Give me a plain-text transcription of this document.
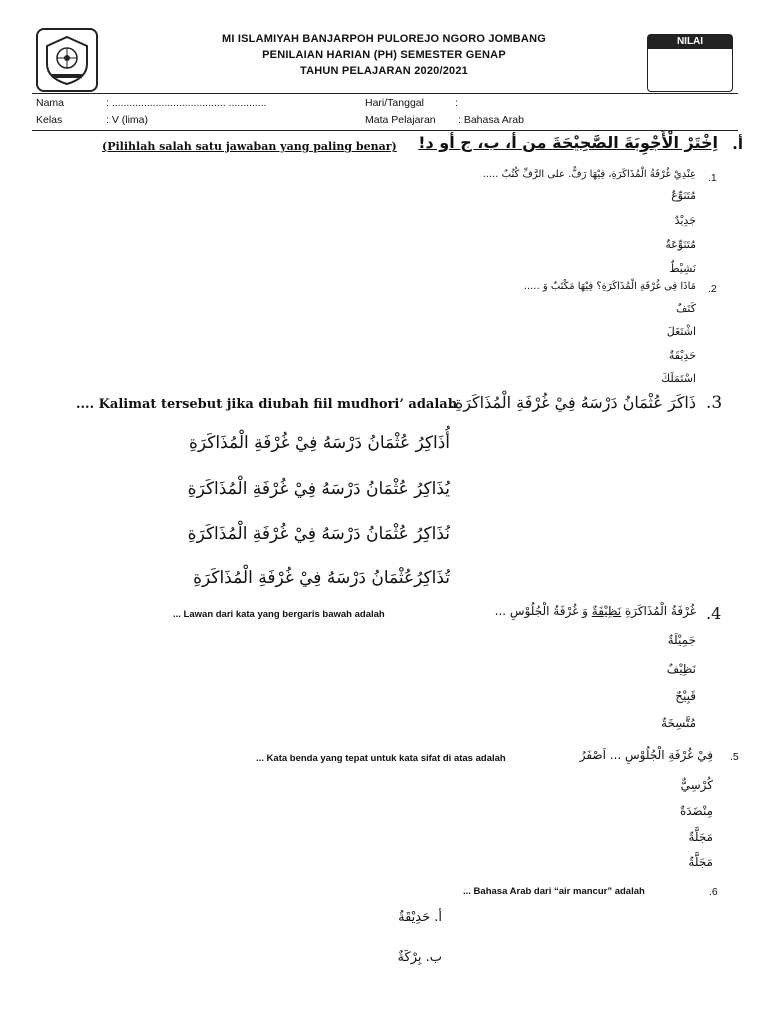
MI ISLAMIYAH BANJARPOH PULOREJO NGORO JOMBANG
PENILAIAN HARIAN (PH) SEMESTER GENAP
TAHUN PELAJARAN 2020/2021
NILAI
Nama	: ....................................... .............	Hari/Tanggal	:
Kelas	: V (lima)	Mata Pelajaran : Bahasa Arab
أ.
اِخْتَرْ الْأَجْوِبَةَ الصَّحِيْحَةَ من أ، ب، ج أو د!
(Pilihlah salah satu jawaban yang paling benar)
.1
عِنْدِيْ غُرْفَةُ الْمُذَاكَرَةِ، فِيْهَا رَفٌّ. على الرَّفِّ كُتُبٌ .....
مُتَنَوِّعٌ
جَدِيْدٌ
مُتَنَوِّعَةٌ
نَشِيْطٌ
.2
مَاذَا فِى غُرْفَةِ الْمُذَاكَرَةِ؟ فِيْهَا مَكْتَبٌ وَ .....
كَتَفٌ
اشْتَغَلَ
حَدِيْقَةٌ
اسْتَمَلَكَ
.3
ذَاكَرَ عُثْمَانُ دَرْسَهُ فِيْ غُرْفَةِ الْمُذَاكَرَةِ.
.... Kalimat tersebut jika diubah fiil mudhori’ adalah
أُذَاكِرُ عُثْمَانُ دَرْسَهُ فِيْ غُرْفَةِ الْمُذَاكَرَةِ
يُذَاكِرُ عُثْمَانُ دَرْسَهُ فِيْ غُرْفَةِ الْمُذَاكَرَةِ
نُذَاكِرُ عُثْمَانُ دَرْسَهُ فِيْ غُرْفَةِ الْمُذَاكَرَةِ
تُذَاكِرُعُثْمَانُ دَرْسَهُ فِيْ غُرْفَةِ الْمُذَاكَرَةِ
.4
غُرْفَةُ الْمُذَاكَرَةِ نَظِيْفَةٌ وَ غُرْفَةُ الْجُلُوْسِ ...
... Lawan dari kata yang bergaris bawah adalah
جَمِيْلَةٌ
نَظِيْفٌ
قَبِيْحٌ
مُتَّسِخَةٌ
.5
فِيْ غُرْفَةِ الْجُلُوْسِ ... اَصْفَرُ
... Kata benda yang tepat untuk kata sifat di atas adalah
كُرْسِيٌّ
مِنْضَدَةٌ
مَجَلَّةٌ
مَجَلَّةٌ
.6
... Bahasa Arab dari “air mancur” adalah
أ. حَدِيْقَةٌ
ب. بِرْكَةٌ
